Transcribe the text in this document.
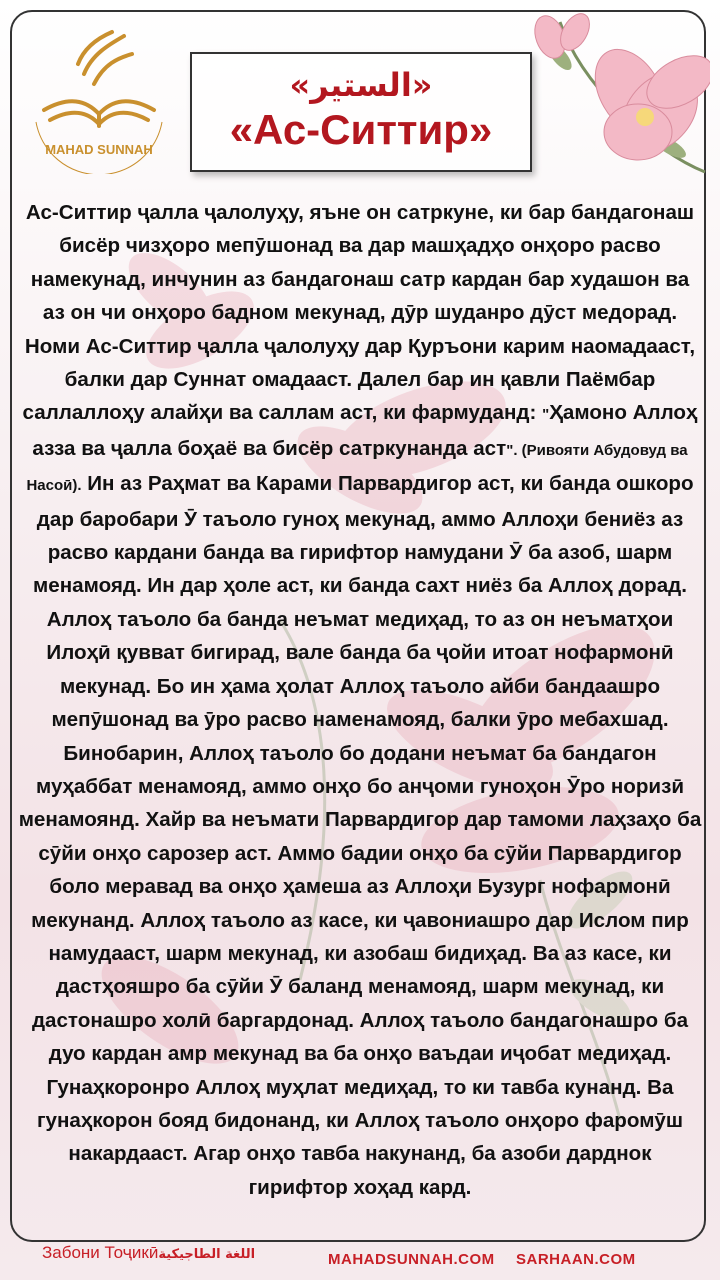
MAHAD SUNNAH
«الستير»
«Ас-Ситтир»
Ас-Ситтир ҷалла ҷалолуҳу, яъне он сатркуне, ки бар бандагонаш бисёр чизҳоро мепӯшонад ва дар машҳадҳо онҳоро расво намекунад, инчунин аз бандагонаш сатр кардан бар худашон ва аз он чи онҳоро бадном мекунад, дӯр шуданро дӯст медорад. Номи Ас-Ситтир ҷалла ҷалолуҳу дар Қуръони карим наомадааст, балки дар Суннат омадааст. Далел бар ин қавли Паёмбар саллаллоҳу алайҳи ва саллам аст, ки фармуданд: "Ҳамоно Аллоҳ азза ва ҷалла боҳаё ва бисёр сатркунанда аст". (Ривояти Абудовуд ва Насоӣ). Ин аз Раҳмат ва Карами Парвардигор аст, ки банда ошкоро дар баробари Ӯ таъоло гуноҳ мекунад, аммо Аллоҳи бениёз аз расво кардани банда ва гирифтор намудани Ӯ ба азоб, шарм менамояд. Ин дар ҳоле аст, ки банда сахт ниёз ба Аллоҳ дорад. Аллоҳ таъоло ба банда неъмат медиҳад, то аз он неъматҳои Илоҳӣ қувват бигирад, вале банда ба ҷойи итоат нофармонӣ мекунад. Бо ин ҳама ҳолат Аллоҳ таъоло айби бандаашро мепӯшонад ва ӯро расво наменамояд, балки ӯро мебахшад. Бинобарин, Аллоҳ таъоло бо додани неъмат ба бандагон муҳаббат менамояд, аммо онҳо бо анҷоми гуноҳон Ӯро норизӣ менамоянд. Хайр ва неъмати Парвардигор дар тамоми лаҳзаҳо ба сӯйи онҳо сарозер аст. Аммо бадии онҳо ба сӯйи Парвардигор боло меравад ва онҳо ҳамеша аз Аллоҳи Бузург нофармонӣ мекунанд. Аллоҳ таъоло аз касе, ки ҷавониашро дар Ислом пир намудааст, шарм мекунад, ки азобаш бидиҳад. Ва аз касе, ки дастҳояшро ба сӯйи Ӯ баланд менамояд, шарм мекунад, ки дастонашро холӣ баргардонад. Аллоҳ таъоло бандагонашро ба дуо кардан амр мекунад ва ба онҳо ваъдаи иҷобат медиҳад. Гунаҳкоронро Аллоҳ муҳлат медиҳад, то ки тавба кунанд. Ва гунаҳкорон бояд бидонанд, ки Аллоҳ таъоло онҳоро фаромӯш накардааст. Агар онҳо тавба накунанд, ба азоби дарднок гирифтор хоҳад кард.
Забони Тоҷикӣاللغة الطاجيكية	MAHADSUNNAH.COM SARHAAN.COM
